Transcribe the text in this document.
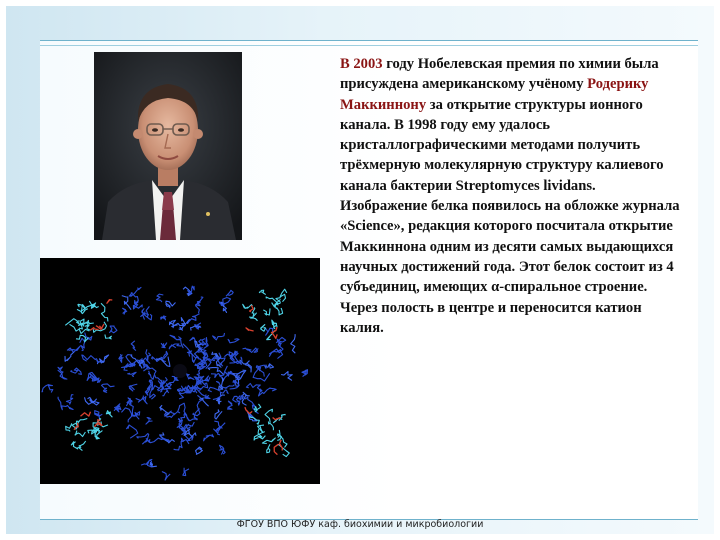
В 2003 году Нобелевская премия по химии была присуждена американскому учёному Родерику Маккиннону за открытие структуры ионного канала. В 1998 году ему удалось кристаллографическими методами получить трёхмерную молекулярную структуру калиевого канала бактерии Streptomyces lividans. Изображение белка появилось на обложке журнала «Science», редакция которого посчитала открытие Маккиннона одним из десяти самых выдающихся научных достижений года. Этот белок состоит из 4 субъединиц, имеющих α-спиральное строение. Через полость в центре и переносится катион калия.

ФГОУ ВПО ЮФУ каф. биохимии и микробиологии
